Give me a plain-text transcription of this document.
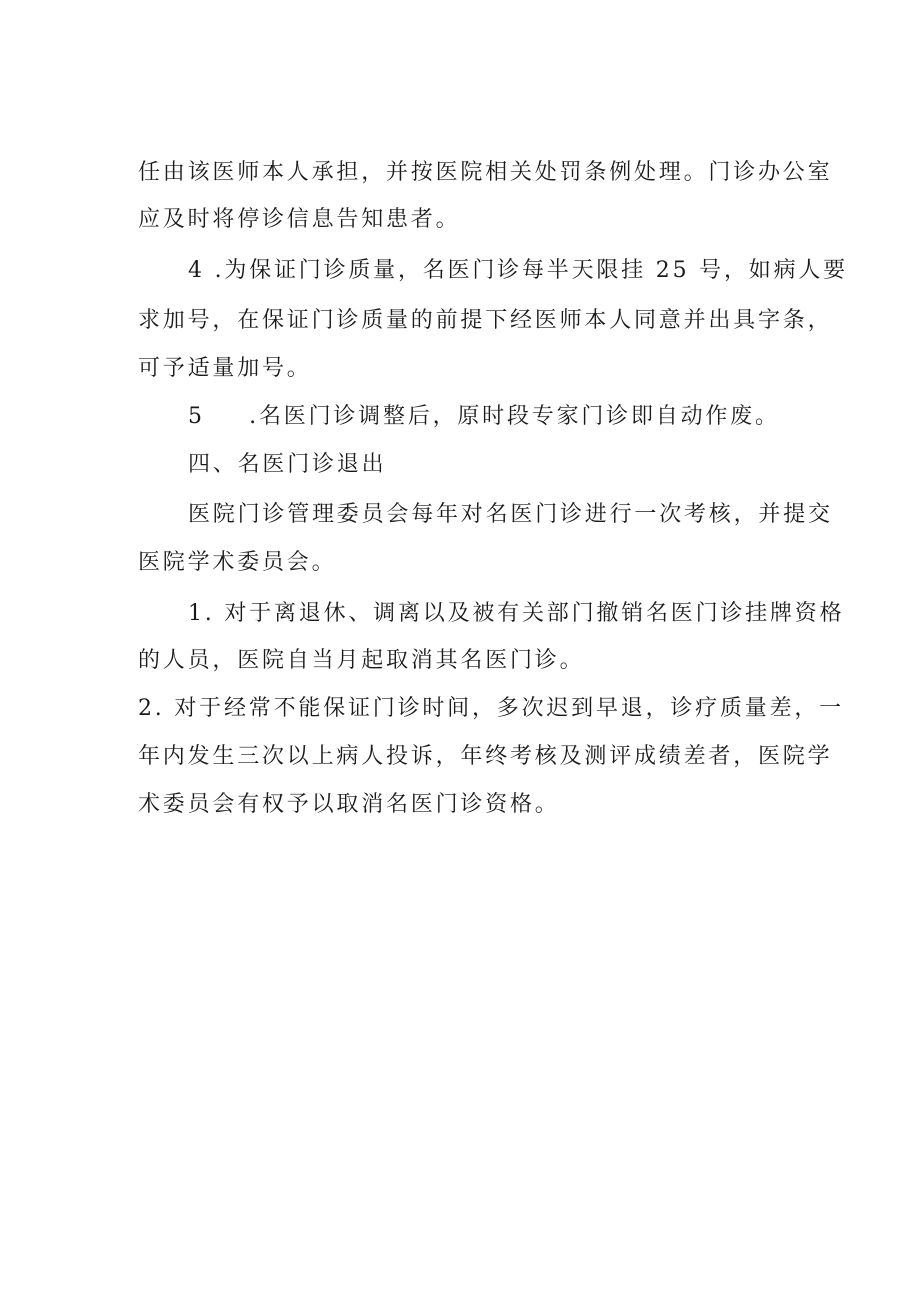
任由该医师本人承担，并按医院相关处罚条例处理。门诊办公室
应及时将停诊信息告知患者。
4 .为保证门诊质量，名医门诊每半天限挂 25 号，如病人要
求加号，在保证门诊质量的前提下经医师本人同意并出具字条，
可予适量加号。
5 　 .名医门诊调整后，原时段专家门诊即自动作废。
四、名医门诊退出
医院门诊管理委员会每年对名医门诊进行一次考核，并提交
医院学术委员会。
1. 对于离退休、调离以及被有关部门撤销名医门诊挂牌资格
的人员，医院自当月起取消其名医门诊。
2. 对于经常不能保证门诊时间，多次迟到早退，诊疗质量差，一
年内发生三次以上病人投诉，年终考核及测评成绩差者，医院学
术委员会有权予以取消名医门诊资格。
